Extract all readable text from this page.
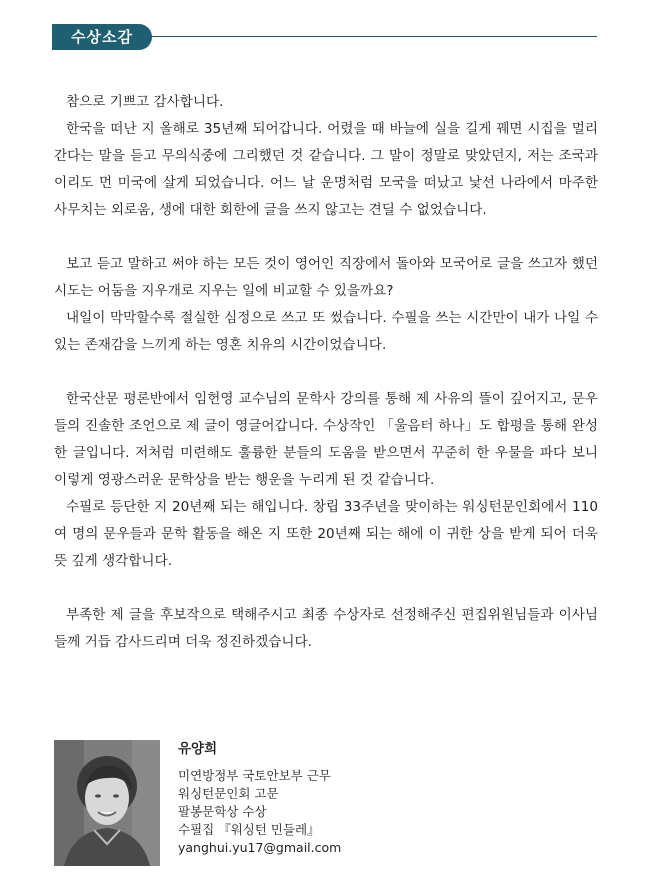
수상소감

참으로 기쁘고 감사합니다.

한국을 떠난 지 올해로 35년째 되어갑니다. 어렸을 때 바늘에 실을 길게 꿰면 시집을 멀리 간다는 말을 듣고 무의식중에 그리했던 것 같습니다. 그 말이 정말로 맞았던지, 저는 조국과 이리도 먼 미국에 살게 되었습니다. 어느 날 운명처럼 모국을 떠났고 낯선 나라에서 마주한 사무치는 외로움, 생에 대한 회한에 글을 쓰지 않고는 견딜 수 없었습니다.

보고 듣고 말하고 써야 하는 모든 것이 영어인 직장에서 돌아와 모국어로 글을 쓰고자 했던 시도는 어둠을 지우개로 지우는 일에 비교할 수 있을까요?

내일이 막막할수록 절실한 심정으로 쓰고 또 썼습니다. 수필을 쓰는 시간만이 내가 나일 수 있는 존재감을 느끼게 하는 영혼 치유의 시간이었습니다.

한국산문 평론반에서 임헌영 교수님의 문학사 강의를 통해 제 사유의 뜰이 깊어지고, 문우들의 진솔한 조언으로 제 글이 영글어갑니다. 수상작인 「울음터 하나」도 합평을 통해 완성한 글입니다. 저처럼 미련해도 훌륭한 분들의 도움을 받으면서 꾸준히 한 우물을 파다 보니 이렇게 영광스러운 문학상을 받는 행운을 누리게 된 것 같습니다.

수필로 등단한 지 20년째 되는 해입니다. 창립 33주년을 맞이하는 워싱턴문인회에서 110여 명의 문우들과 문학 활동을 해온 지 또한 20년째 되는 해에 이 귀한 상을 받게 되어 더욱 뜻 깊게 생각합니다.

부족한 제 글을 후보작으로 택해주시고 최종 수상자로 선정해주신 편집위원님들과 이사님들께 거듭 감사드리며 더욱 정진하겠습니다.

유양희
미연방정부 국토안보부 근무
워싱턴문인회 고문
팔봉문학상 수상
수필집 『워싱턴 민들레』
yanghui.yu17@gmail.com
